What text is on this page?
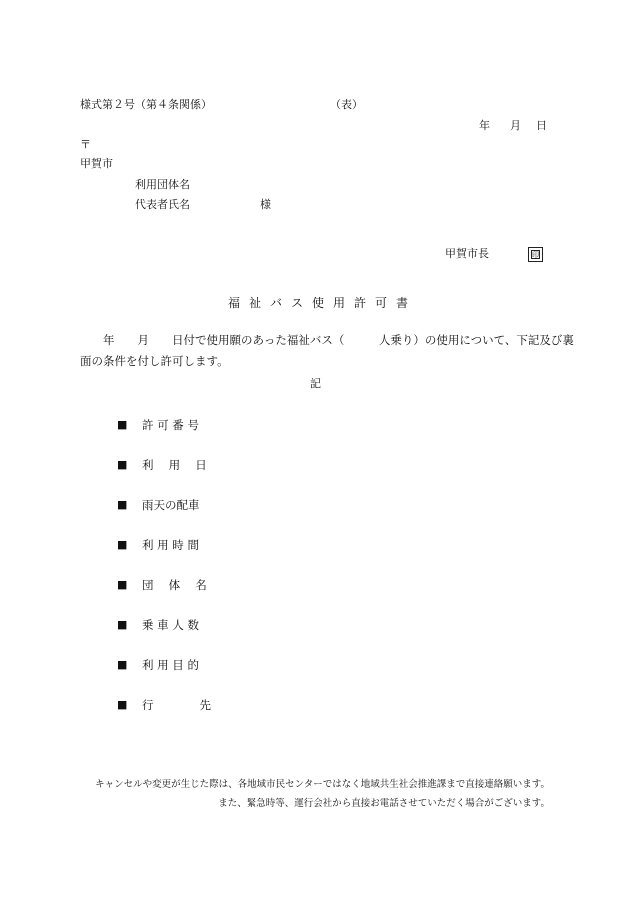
様式第２号（第４条関係）	（表）
年 月 日
〒
甲賀市
利用団体名
代表者氏名	様
甲賀市長	印
福祉バス使用許可書
　　年　　月　　日付で使用願のあった福祉バス（　　　人乗り）の使用について、下記及び裏
面の条件を付し許可します。
記
■ 許 可 番 号
■ 利　 用　 日
■ 雨天の配車
■ 利 用 時 間
■ 団　 体　 名
■ 乗 車 人 数
■ 利 用 目 的
■ 行　　　　先
キャンセルや変更が生じた際は、各地域市民センターではなく地域共生社会推進課まで直接連絡願います。
また、緊急時等、運行会社から直接お電話させていただく場合がございます。
